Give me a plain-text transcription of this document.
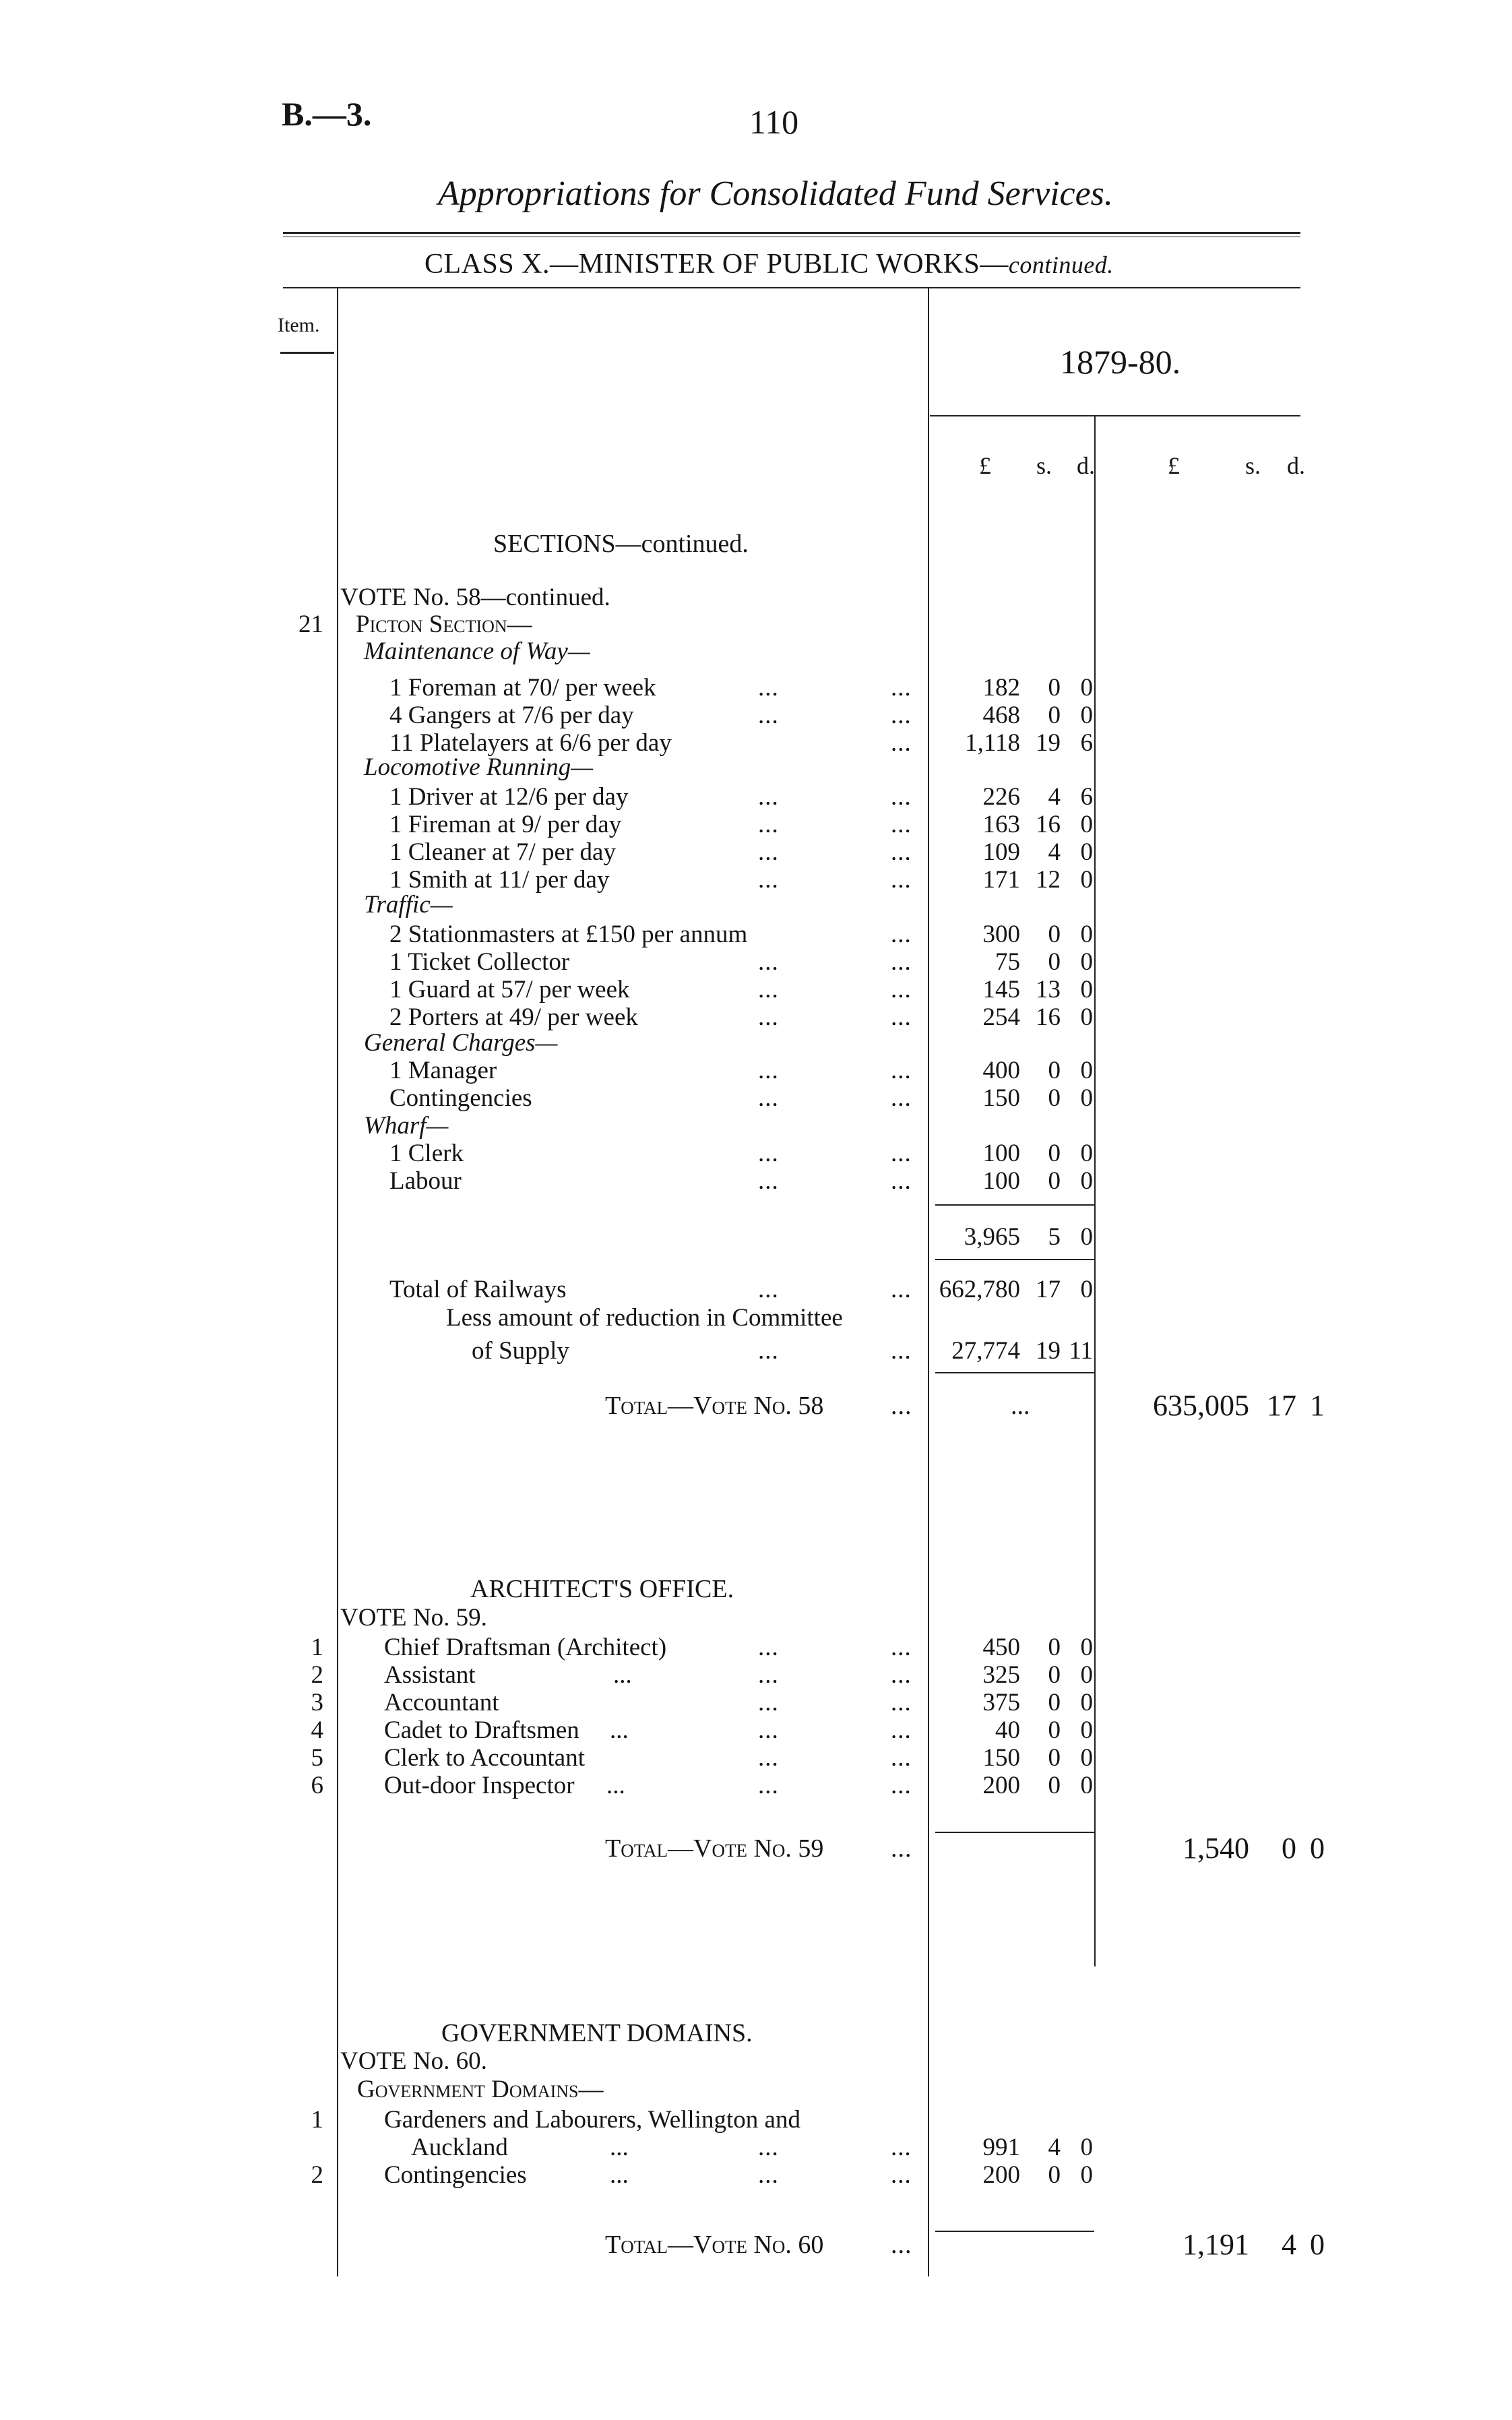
B.—3.	110
Appropriations for Consolidated Fund Services.
CLASS X.—MINISTER OF PUBLIC WORKS—continued.
Item.
1879-80.
£ s. d.	£	s. d.
SECTIONS—continued.
VOTE No. 58—continued.
21 Picton Section—
Maintenance of Way—
1 Foreman at 70/ per week	...	...	182 0 0
4 Gangers at 7/6 per day	...	...	468 0 0
11 Platelayers at 6/6 per day	... 1,118 19 6
Locomotive Running—
1 Driver at 12/6 per day	...	...	226 4 6
1 Fireman at 9/ per day	...	...	163 16 0
1 Cleaner at 7/ per day	...	...	109 4 0
1 Smith at 11/ per day	...	...	171 12 0
Traffic—
2 Stationmasters at £150 per annum	...	300 0 0
1 Ticket Collector	...	...	75 0 0
1 Guard at 57/ per week	...	...	145 13 0
2 Porters at 49/ per week	...	...	254 16 0
General Charges—
1 Manager	...	...	400 0 0
Contingencies	...	...	150 0 0
Wharf—
1 Clerk	...	...	100 0 0
Labour	...	...	100 0 0
3,965 5 0
Total of Railways	...	... 662,780 17 0
Less amount of reduction in Committee
of Supply	...	... 27,774 19 11
Total—Vote No. 58	...	...	635,005 17 1
ARCHITECT'S OFFICE.
VOTE No. 59.
1 Chief Draftsman (Architect)	...	...	450 0 0
2 Assistant	...	...	...	325 0 0
3 Accountant	...	...	375 0 0
4 Cadet to Draftsmen ...	...	...	40 0 0
5 Clerk to Accountant	...	...	150 0 0
6 Out-door Inspector ...	...	...	200 0 0
Total—Vote No. 59	...	1,540 0 0
GOVERNMENT DOMAINS.
VOTE No. 60.
Government Domains—
1 Gardeners and Labourers, Wellington and
Auckland	...	...	...	991 4 0
2 Contingencies	...	...	...	200 0 0
Total—Vote No. 60	...	1,191 4 0
